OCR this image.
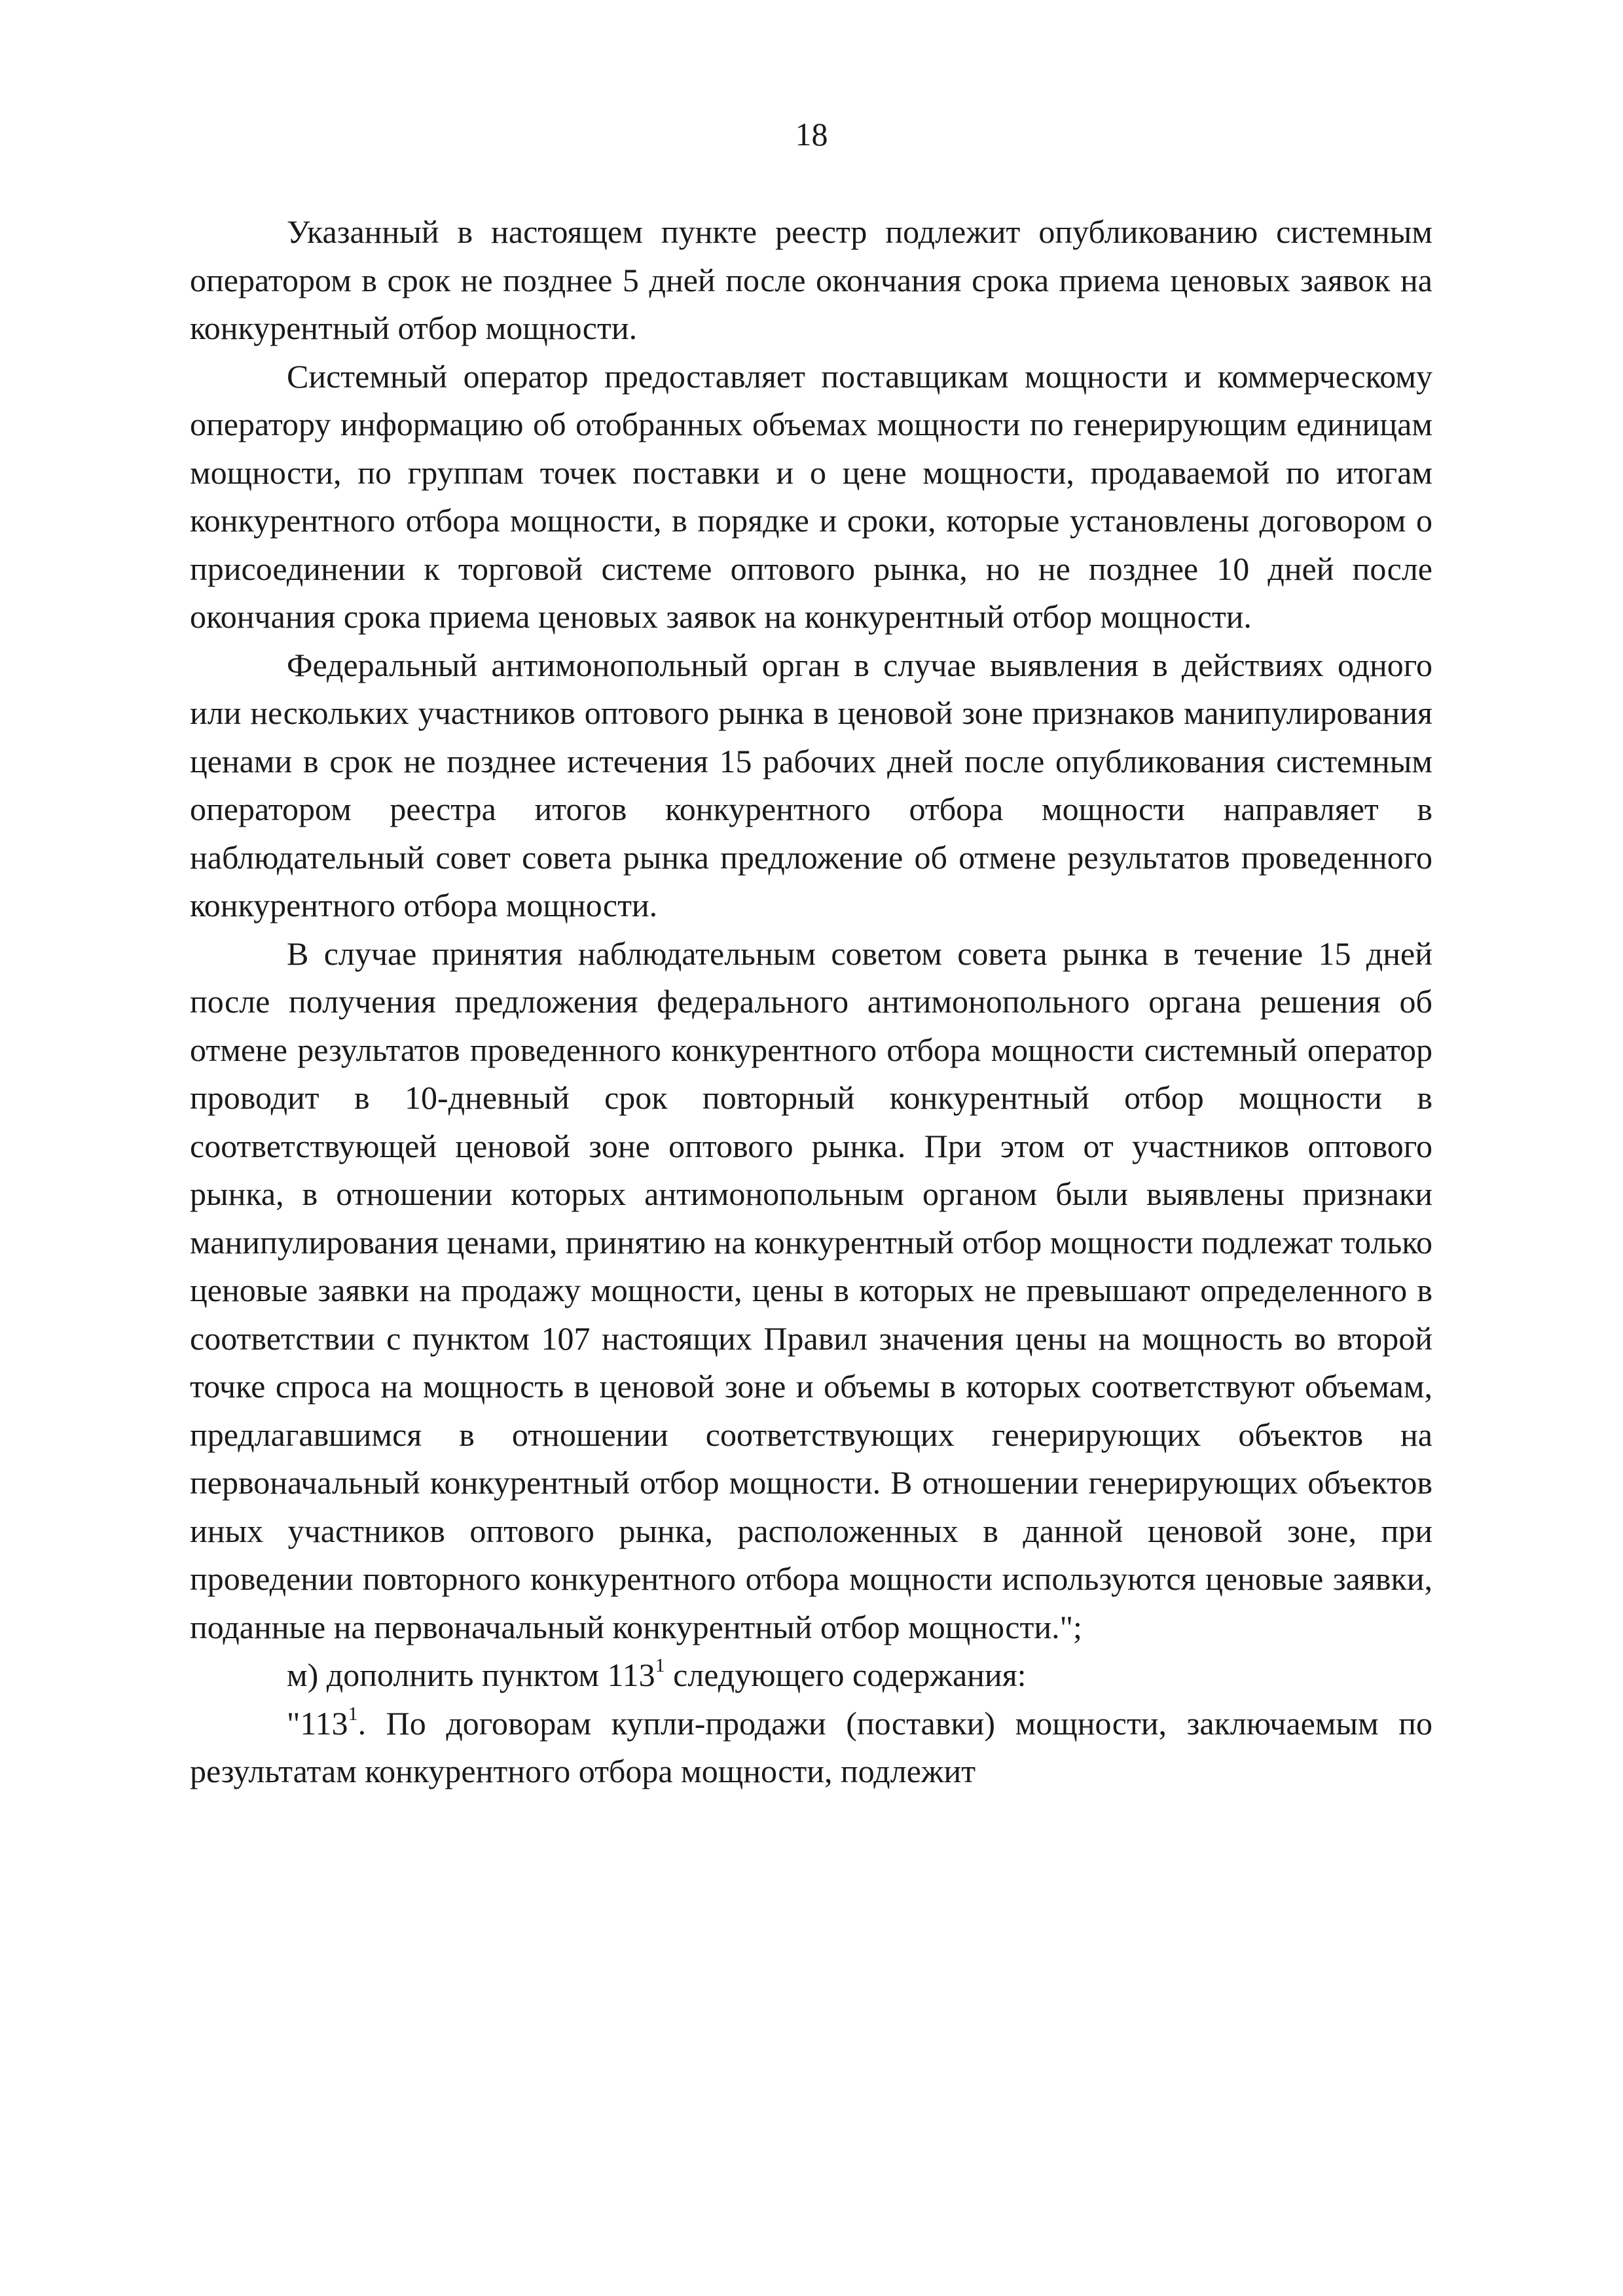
18

Указанный в настоящем пункте реестр подлежит опубликованию системным оператором в срок не позднее 5 дней после окончания срока приема ценовых заявок на конкурентный отбор мощности.

Системный оператор предоставляет поставщикам мощности и коммерческому оператору информацию об отобранных объемах мощности по генерирующим единицам мощности, по группам точек поставки и о цене мощности, продаваемой по итогам конкурентного отбора мощности, в порядке и сроки, которые установлены договором о присоединении к торговой системе оптового рынка, но не позднее 10 дней после окончания срока приема ценовых заявок на конкурентный отбор мощности.

Федеральный антимонопольный орган в случае выявления в действиях одного или нескольких участников оптового рынка в ценовой зоне признаков манипулирования ценами в срок не позднее истечения 15 рабочих дней после опубликования системным оператором реестра итогов конкурентного отбора мощности направляет в наблюдательный совет совета рынка предложение об отмене результатов проведенного конкурентного отбора мощности.

В случае принятия наблюдательным советом совета рынка в течение 15 дней после получения предложения федерального антимонопольного органа решения об отмене результатов проведенного конкурентного отбора мощности системный оператор проводит в 10-дневный срок повторный конкурентный отбор мощности в соответствующей ценовой зоне оптового рынка. При этом от участников оптового рынка, в отношении которых антимонопольным органом были выявлены признаки манипулирования ценами, принятию на конкурентный отбор мощности подлежат только ценовые заявки на продажу мощности, цены в которых не превышают определенного в соответствии с пунктом 107 настоящих Правил значения цены на мощность во второй точке спроса на мощность в ценовой зоне и объемы в которых соответствуют объемам, предлагавшимся в отношении соответствующих генерирующих объектов на первоначальный конкурентный отбор мощности. В отношении генерирующих объектов иных участников оптового рынка, расположенных в данной ценовой зоне, при проведении повторного конкурентного отбора мощности используются ценовые заявки, поданные на первоначальный конкурентный отбор мощности.";

м) дополнить пунктом $113^1$ следующего содержания:

"$113^1$. По договорам купли-продажи (поставки) мощности, заключаемым по результатам конкурентного отбора мощности, подлежит
